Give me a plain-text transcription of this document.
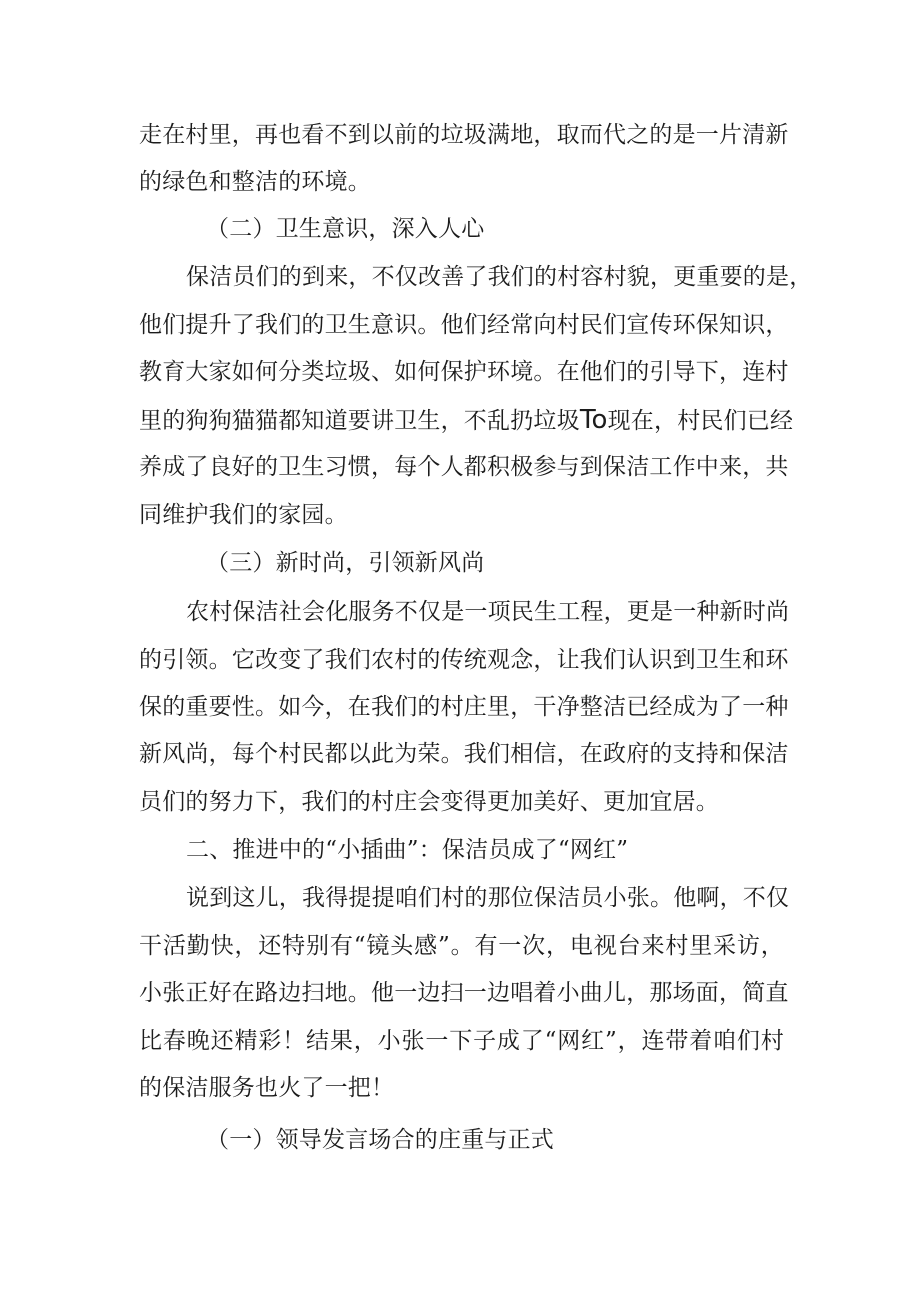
走在村里，再也看不到以前的垃圾满地，取而代之的是一片清新
的绿色和整洁的环境。
（二）卫生意识，深入人心
保洁员们的到来，不仅改善了我们的村容村貌，更重要的是，
他们提升了我们的卫生意识。他们经常向村民们宣传环保知识，
教育大家如何分类垃圾、如何保护环境。在他们的引导下，连村
里的狗狗猫猫都知道要讲卫生，不乱扔垃圾To现在，村民们已经
养成了良好的卫生习惯，每个人都积极参与到保洁工作中来，共
同维护我们的家园。
（三）新时尚，引领新风尚
农村保洁社会化服务不仅是一项民生工程，更是一种新时尚
的引领。它改变了我们农村的传统观念，让我们认识到卫生和环
保的重要性。如今，在我们的村庄里，干净整洁已经成为了一种
新风尚，每个村民都以此为荣。我们相信，在政府的支持和保洁
员们的努力下，我们的村庄会变得更加美好、更加宜居。
二、推进中的“小插曲”：保洁员成了“网红”
说到这儿，我得提提咱们村的那位保洁员小张。他啊，不仅
干活勤快，还特别有“镜头感”。有一次，电视台来村里采访，
小张正好在路边扫地。他一边扫一边唱着小曲儿，那场面，简直
比春晚还精彩！结果，小张一下子成了“网红”，连带着咱们村
的保洁服务也火了一把！
（一）领导发言场合的庄重与正式
